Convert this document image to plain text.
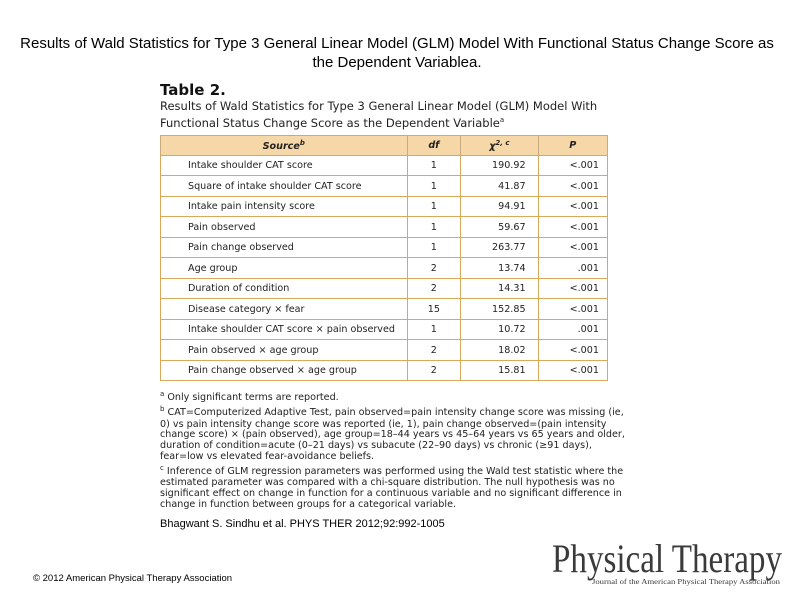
Results of Wald Statistics for Type 3 General Linear Model (GLM) Model With Functional Status Change Score as the Dependent Variablea.
Table 2.
Results of Wald Statistics for Type 3 General Linear Model (GLM) Model With Functional Status Change Score as the Dependent Variable$^a$
Source$^b$	df	$\chi^{2, c}$	P
Intake shoulder CAT score	1	190.92	<.001
Square of intake shoulder CAT score	1	41.87	<.001
Intake pain intensity score	1	94.91	<.001
Pain observed	1	59.67	<.001
Pain change observed	1	263.77	<.001
Age group	2	13.74	.001
Duration of condition	2	14.31	<.001
Disease category × fear	15	152.85	<.001
Intake shoulder CAT score × pain observed	1	10.72	.001
Pain observed × age group	2	18.02	<.001
Pain change observed × age group	2	15.81	<.001

$^a$ Only significant terms are reported.

$^b$ CAT=Computerized Adaptive Test, pain observed=pain intensity change score was missing (ie, 0) vs pain intensity change score was reported (ie, 1), pain change observed=(pain intensity change score) × (pain observed), age group=18–44 years vs 45–64 years vs 65 years and older, duration of condition=acute (0–21 days) vs subacute (22–90 days) vs chronic (≥91 days), fear=low vs elevated fear-avoidance beliefs.

$^c$ Inference of GLM regression parameters was performed using the Wald test statistic where the estimated parameter was compared with a chi-square distribution. The null hypothesis was no significant effect on change in function for a continuous variable and no significant difference in change in function between groups for a categorical variable.

Bhagwant S. Sindhu et al. PHYS THER 2012;92:992-1005
© 2012 American Physical Therapy Association	Physical Therapy
Journal of the American Physical Therapy Association
